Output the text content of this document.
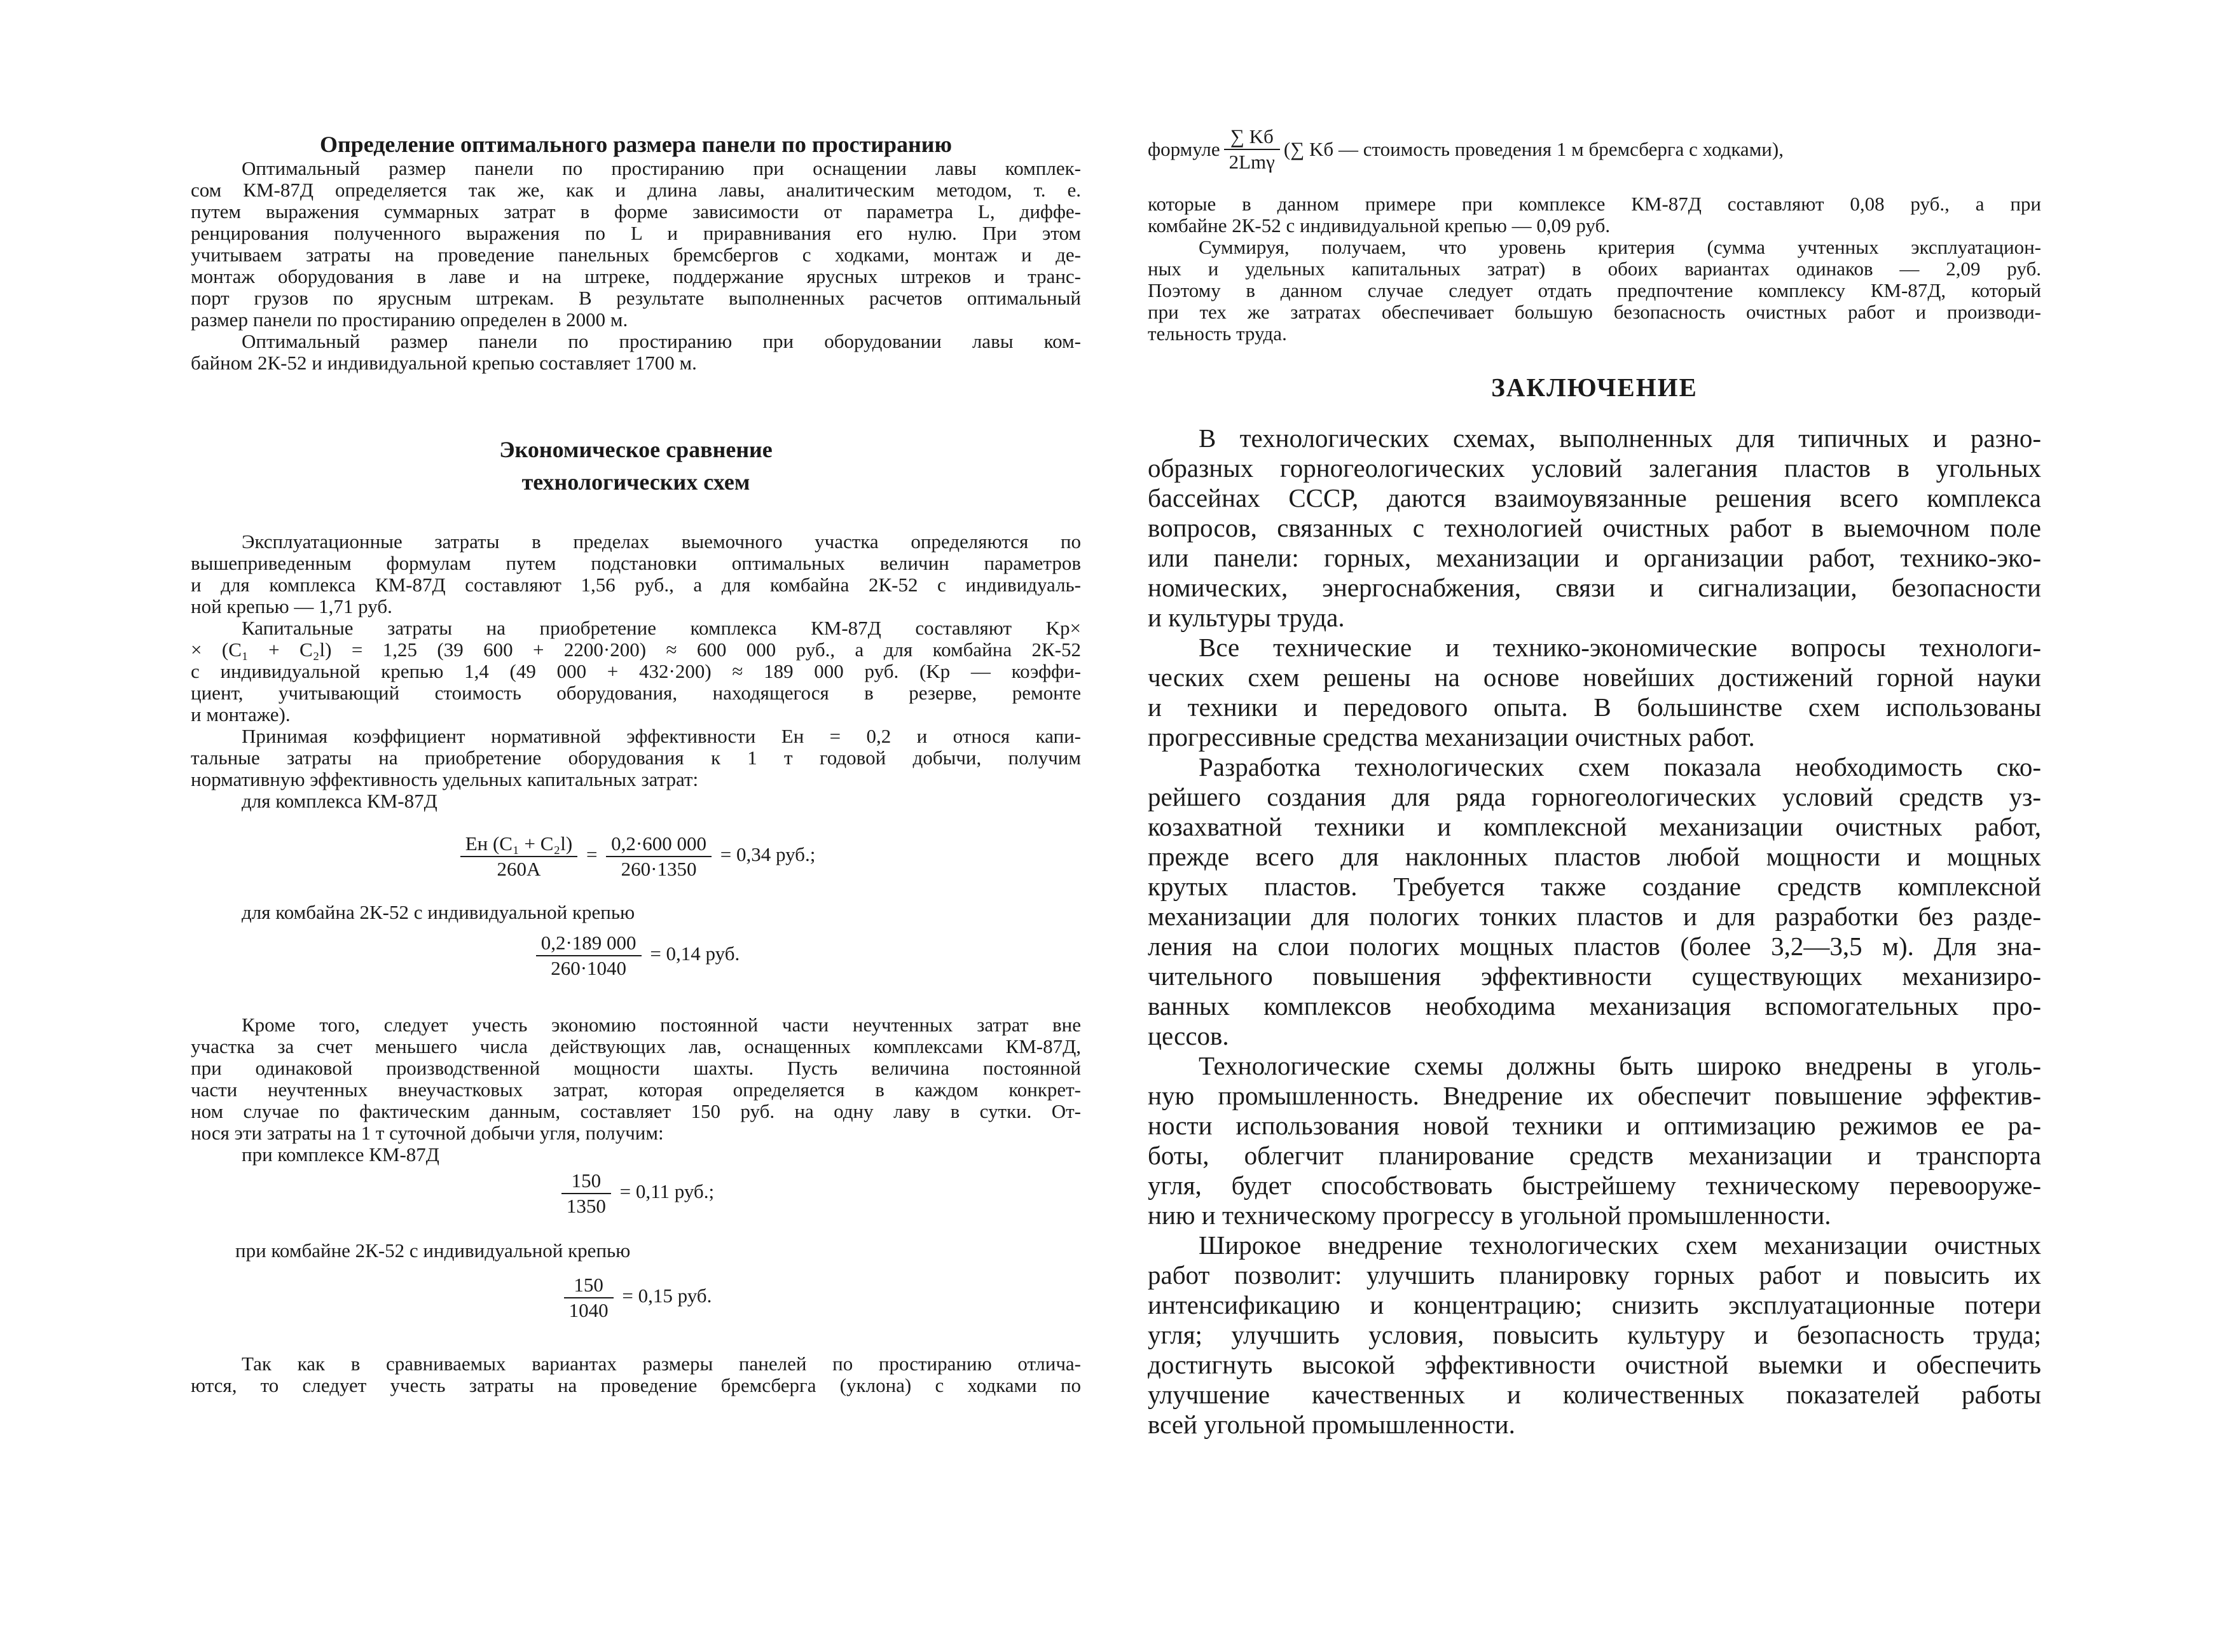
Определение оптимального размера панели по простиранию
Оптимальный размер панели по простиранию при оснащении лавы комплек-
сом КМ-87Д определяется так же, как и длина лавы, аналитическим методом, т. е.
путем выражения суммарных затрат в форме зависимости от параметра L, диффе-
ренцирования полученного выражения по L и приравнивания его нулю. При этом
учитываем затраты на проведение панельных бремсбергов с ходками, монтаж и де-
монтаж оборудования в лаве и на штреке, поддержание ярусных штреков и транс-
порт грузов по ярусным штрекам. В результате выполненных расчетов оптимальный
размер панели по простиранию определен в 2000 м.
Оптимальный размер панели по простиранию при оборудовании лавы ком-
байном 2К-52 и индивидуальной крепью составляет 1700 м.
Экономическое сравнение
технологических схем
Эксплуатационные затраты в пределах выемочного участка определяются по
вышеприведенным формулам путем подстановки оптимальных величин параметров
и для комплекса КМ-87Д составляют 1,56 руб., а для комбайна 2К-52 с индивидуаль-
ной крепью — 1,71 руб.
Капитальные затраты на приобретение комплекса КМ-87Д составляют Kр×
× (C₁ + C₂l) = 1,25 (39 600 + 2200·200) ≈ 600 000 руб., а для комбайна 2К-52
с индивидуальной крепью 1,4 (49 000 + 432·200) ≈ 189 000 руб. (Kр — коэффи-
циент, учитывающий стоимость оборудования, находящегося в резерве, ремонте
и монтаже).
Принимая коэффициент нормативной эффективности Eн = 0,2 и относя капи-
тальные затраты на приобретение оборудования к 1 т годовой добычи, получим
нормативную эффективность удельных капитальных затрат:
для комплекса КМ-87Д
$\frac{\text{Eн (C₁ + C₂l)}}{260A} = \frac{0,2\cdot 600 000}{260\cdot 1350} = 0,34$ руб.;
для комбайна 2К-52 с индивидуальной крепью
$\frac{0,2\cdot 189 000}{260\cdot 1040} = 0,14$ руб.
Кроме того, следует учесть экономию постоянной части неучтенных затрат вне
участка за счет меньшего числа действующих лав, оснащенных комплексами КМ-87Д,
при одинаковой производственной мощности шахты. Пусть величина постоянной
части неучтенных внеучастковых затрат, которая определяется в каждом конкрет-
ном случае по фактическим данным, составляет 150 руб. на одну лаву в сутки. От-
нося эти затраты на 1 т суточной добычи угля, получим:
при комплексе КМ-87Д
$\frac{150}{1350} = 0,11$ руб.;
при комбайне 2К-52 с индивидуальной крепью
$\frac{150}{1040} = 0,15$ руб.
Так как в сравниваемых вариантах размеры панелей по простиранию отлича-
ются, то следует учесть затраты на проведение бремсберга (уклона) с ходками по
формуле $\frac{\sum Kб}{\text{2Lmγ}}$ (∑ Kб — стоимость проведения 1 м бремсберга с ходками),
которые в данном примере при комплексе КМ-87Д составляют 0,08 руб., а при
комбайне 2К-52 с индивидуальной крепью — 0,09 руб.
Суммируя, получаем, что уровень критерия (сумма учтенных эксплуатацион-
ных и удельных капитальных затрат) в обоих вариантах одинаков — 2,09 руб.
Поэтому в данном случае следует отдать предпочтение комплексу КМ-87Д, который
при тех же затратах обеспечивает большую безопасность очистных работ и производи-
тельность труда.
ЗАКЛЮЧЕНИЕ
В технологических схемах, выполненных для типичных и разно-
образных горногеологических условий залегания пластов в угольных
бассейнах СССР, даются взаимоувязанные решения всего комплекса
вопросов, связанных с технологией очистных работ в выемочном поле
или панели: горных, механизации и организации работ, технико-эко-
номических, энергоснабжения, связи и сигнализации, безопасности
и культуры труда.
Все технические и технико-экономические вопросы технологи-
ческих схем решены на основе новейших достижений горной науки
и техники и передового опыта. В большинстве схем использованы
прогрессивные средства механизации очистных работ.
Разработка технологических схем показала необходимость ско-
рейшего создания для ряда горногеологических условий средств уз-
козахватной техники и комплексной механизации очистных работ,
прежде всего для наклонных пластов любой мощности и мощных
крутых пластов. Требуется также создание средств комплексной
механизации для пологих тонких пластов и для разработки без разде-
ления на слои пологих мощных пластов (более 3,2—3,5 м). Для зна-
чительного повышения эффективности существующих механизиро-
ванных комплексов необходима механизация вспомогательных про-
цессов.
Технологические схемы должны быть широко внедрены в уголь-
ную промышленность. Внедрение их обеспечит повышение эффектив-
ности использования новой техники и оптимизацию режимов ее ра-
боты, облегчит планирование средств механизации и транспорта
угля, будет способствовать быстрейшему техническому перевооруже-
нию и техническому прогрессу в угольной промышленности.
Широкое внедрение технологических схем механизации очистных
работ позволит: улучшить планировку горных работ и повысить их
интенсификацию и концентрацию; снизить эксплуатационные потери
угля; улучшить условия, повысить культуру и безопасность труда;
достигнуть высокой эффективности очистной выемки и обеспечить
улучшение качественных и количественных показателей работы
всей угольной промышленности.
